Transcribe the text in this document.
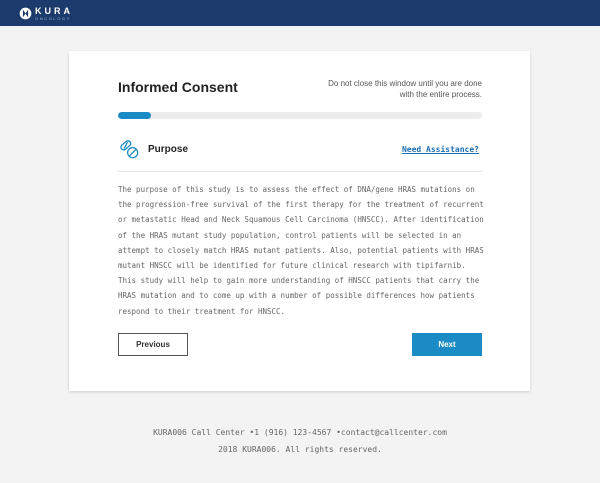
KURA
ONCOLOGY
Informed Consent	Do not close this window until you are done with the entire process.
Purpose	Need Assistance?

The purpose of this study is to assess the effect of DNA/gene HRAS mutations on the progression-free survival of the first therapy for the treatment of recurrent or metastatic Head and Neck Squamous Cell Carcinoma (HNSCC). After identification of the HRAS mutant study population, control patients will be selected in an attempt to closely match HRAS mutant patients. Also, potential patients with HRAS mutant HNSCC will be identified for future clinical research with tipifarnib. This study will help to gain more understanding of HNSCC patients that carry the HRAS mutation and to come up with a number of possible differences how patients respond to their treatment for HNSCC.

Previous	Next
KURA006 Call Center •1 (916) 123-4567 •contact@callcenter.com
2018 KURA006. All rights reserved.
